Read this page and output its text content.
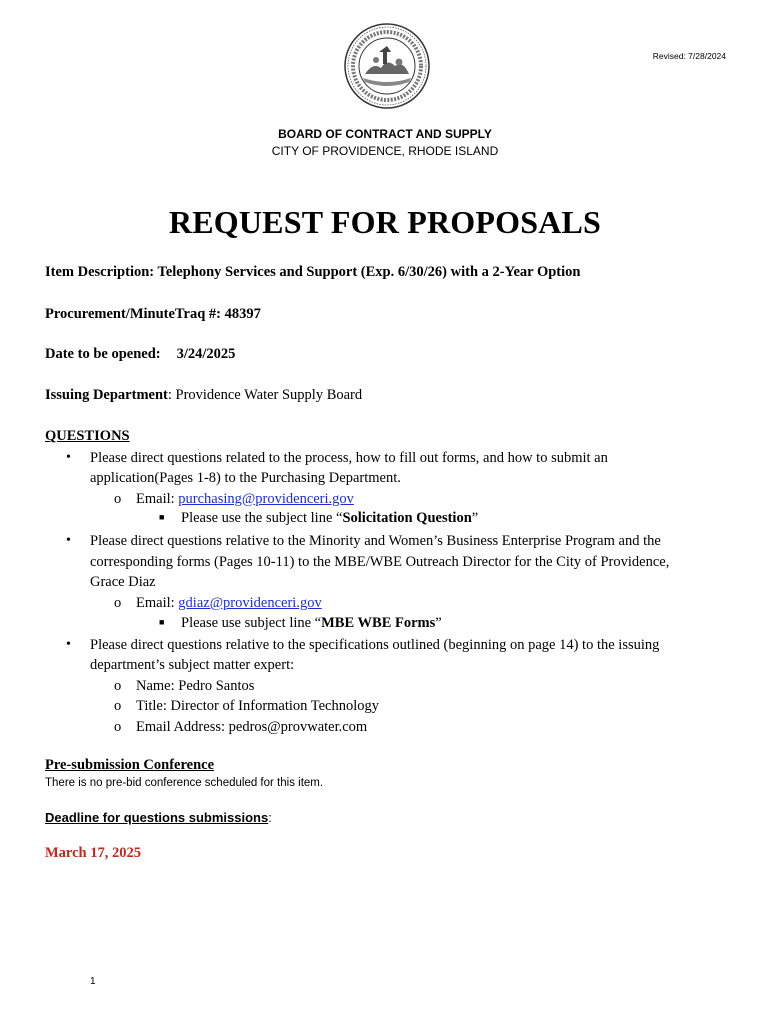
Revised: 7/28/2024
BOARD OF CONTRACT AND SUPPLY
CITY OF PROVIDENCE, RHODE ISLAND
REQUEST FOR PROPOSALS
Item Description: Telephony Services and Support (Exp. 6/30/26) with a 2-Year Option
Procurement/MinuteTraq #: 48397
Date to be opened: 3/24/2025
Issuing Department: Providence Water Supply Board
QUESTIONS
• Please direct questions related to the process, how to fill out forms, and how to submit an
application(Pages 1-8) to the Purchasing Department.
o Email: purchasing@providenceri.gov
■ Please use the subject line “Solicitation Question”
• Please direct questions relative to the Minority and Women’s Business Enterprise Program and the
corresponding forms (Pages 10-11) to the MBE/WBE Outreach Director for the City of Providence,
Grace Diaz
o Email: gdiaz@providenceri.gov
■ Please use subject line “MBE WBE Forms”
• Please direct questions relative to the specifications outlined (beginning on page 14) to the issuing
department’s subject matter expert:
o Name: Pedro Santos
o Title: Director of Information Technology
o Email Address: pedros@provwater.com
Pre-submission Conference
There is no pre-bid conference scheduled for this item.
Deadline for questions submissions:
March 17, 2025
1
